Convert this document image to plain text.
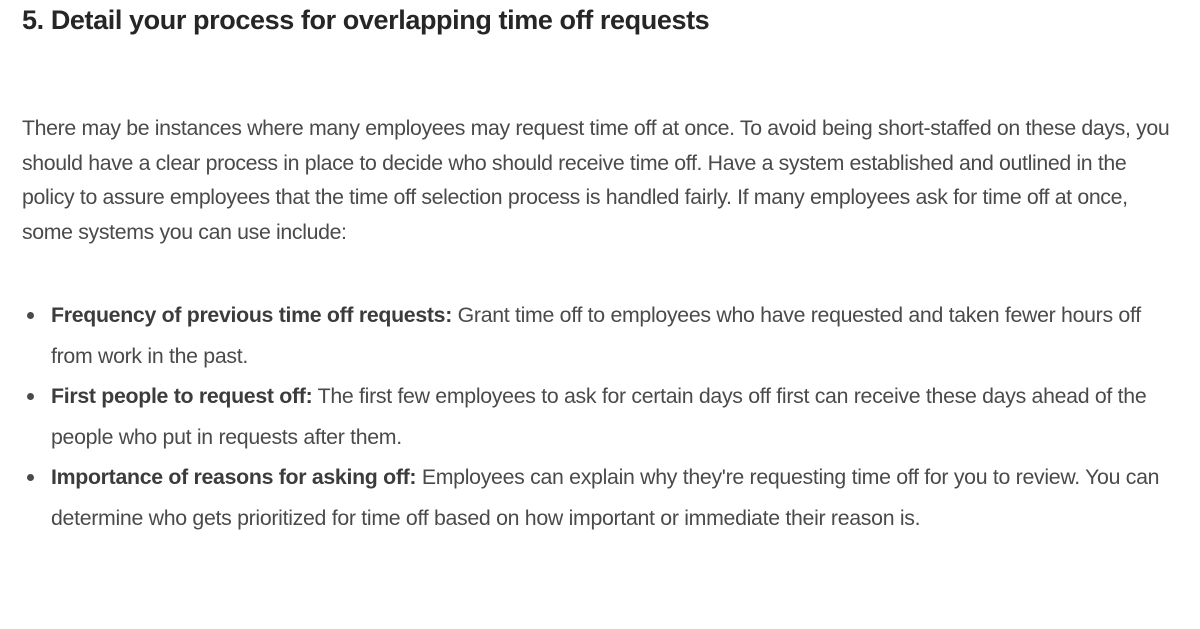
5. Detail your process for overlapping time off requests

There may be instances where many employees may request time off at once. To avoid being short-staffed on these days, you should have a clear process in place to decide who should receive time off. Have a system established and outlined in the policy to assure employees that the time off selection process is handled fairly. If many employees ask for time off at once, some systems you can use include:

Frequency of previous time off requests: Grant time off to employees who have requested and taken fewer hours off from work in the past.
First people to request off: The first few employees to ask for certain days off first can receive these days ahead of the people who put in requests after them.
Importance of reasons for asking off: Employees can explain why they're requesting time off for you to review. You can determine who gets prioritized for time off based on how important or immediate their reason is.
